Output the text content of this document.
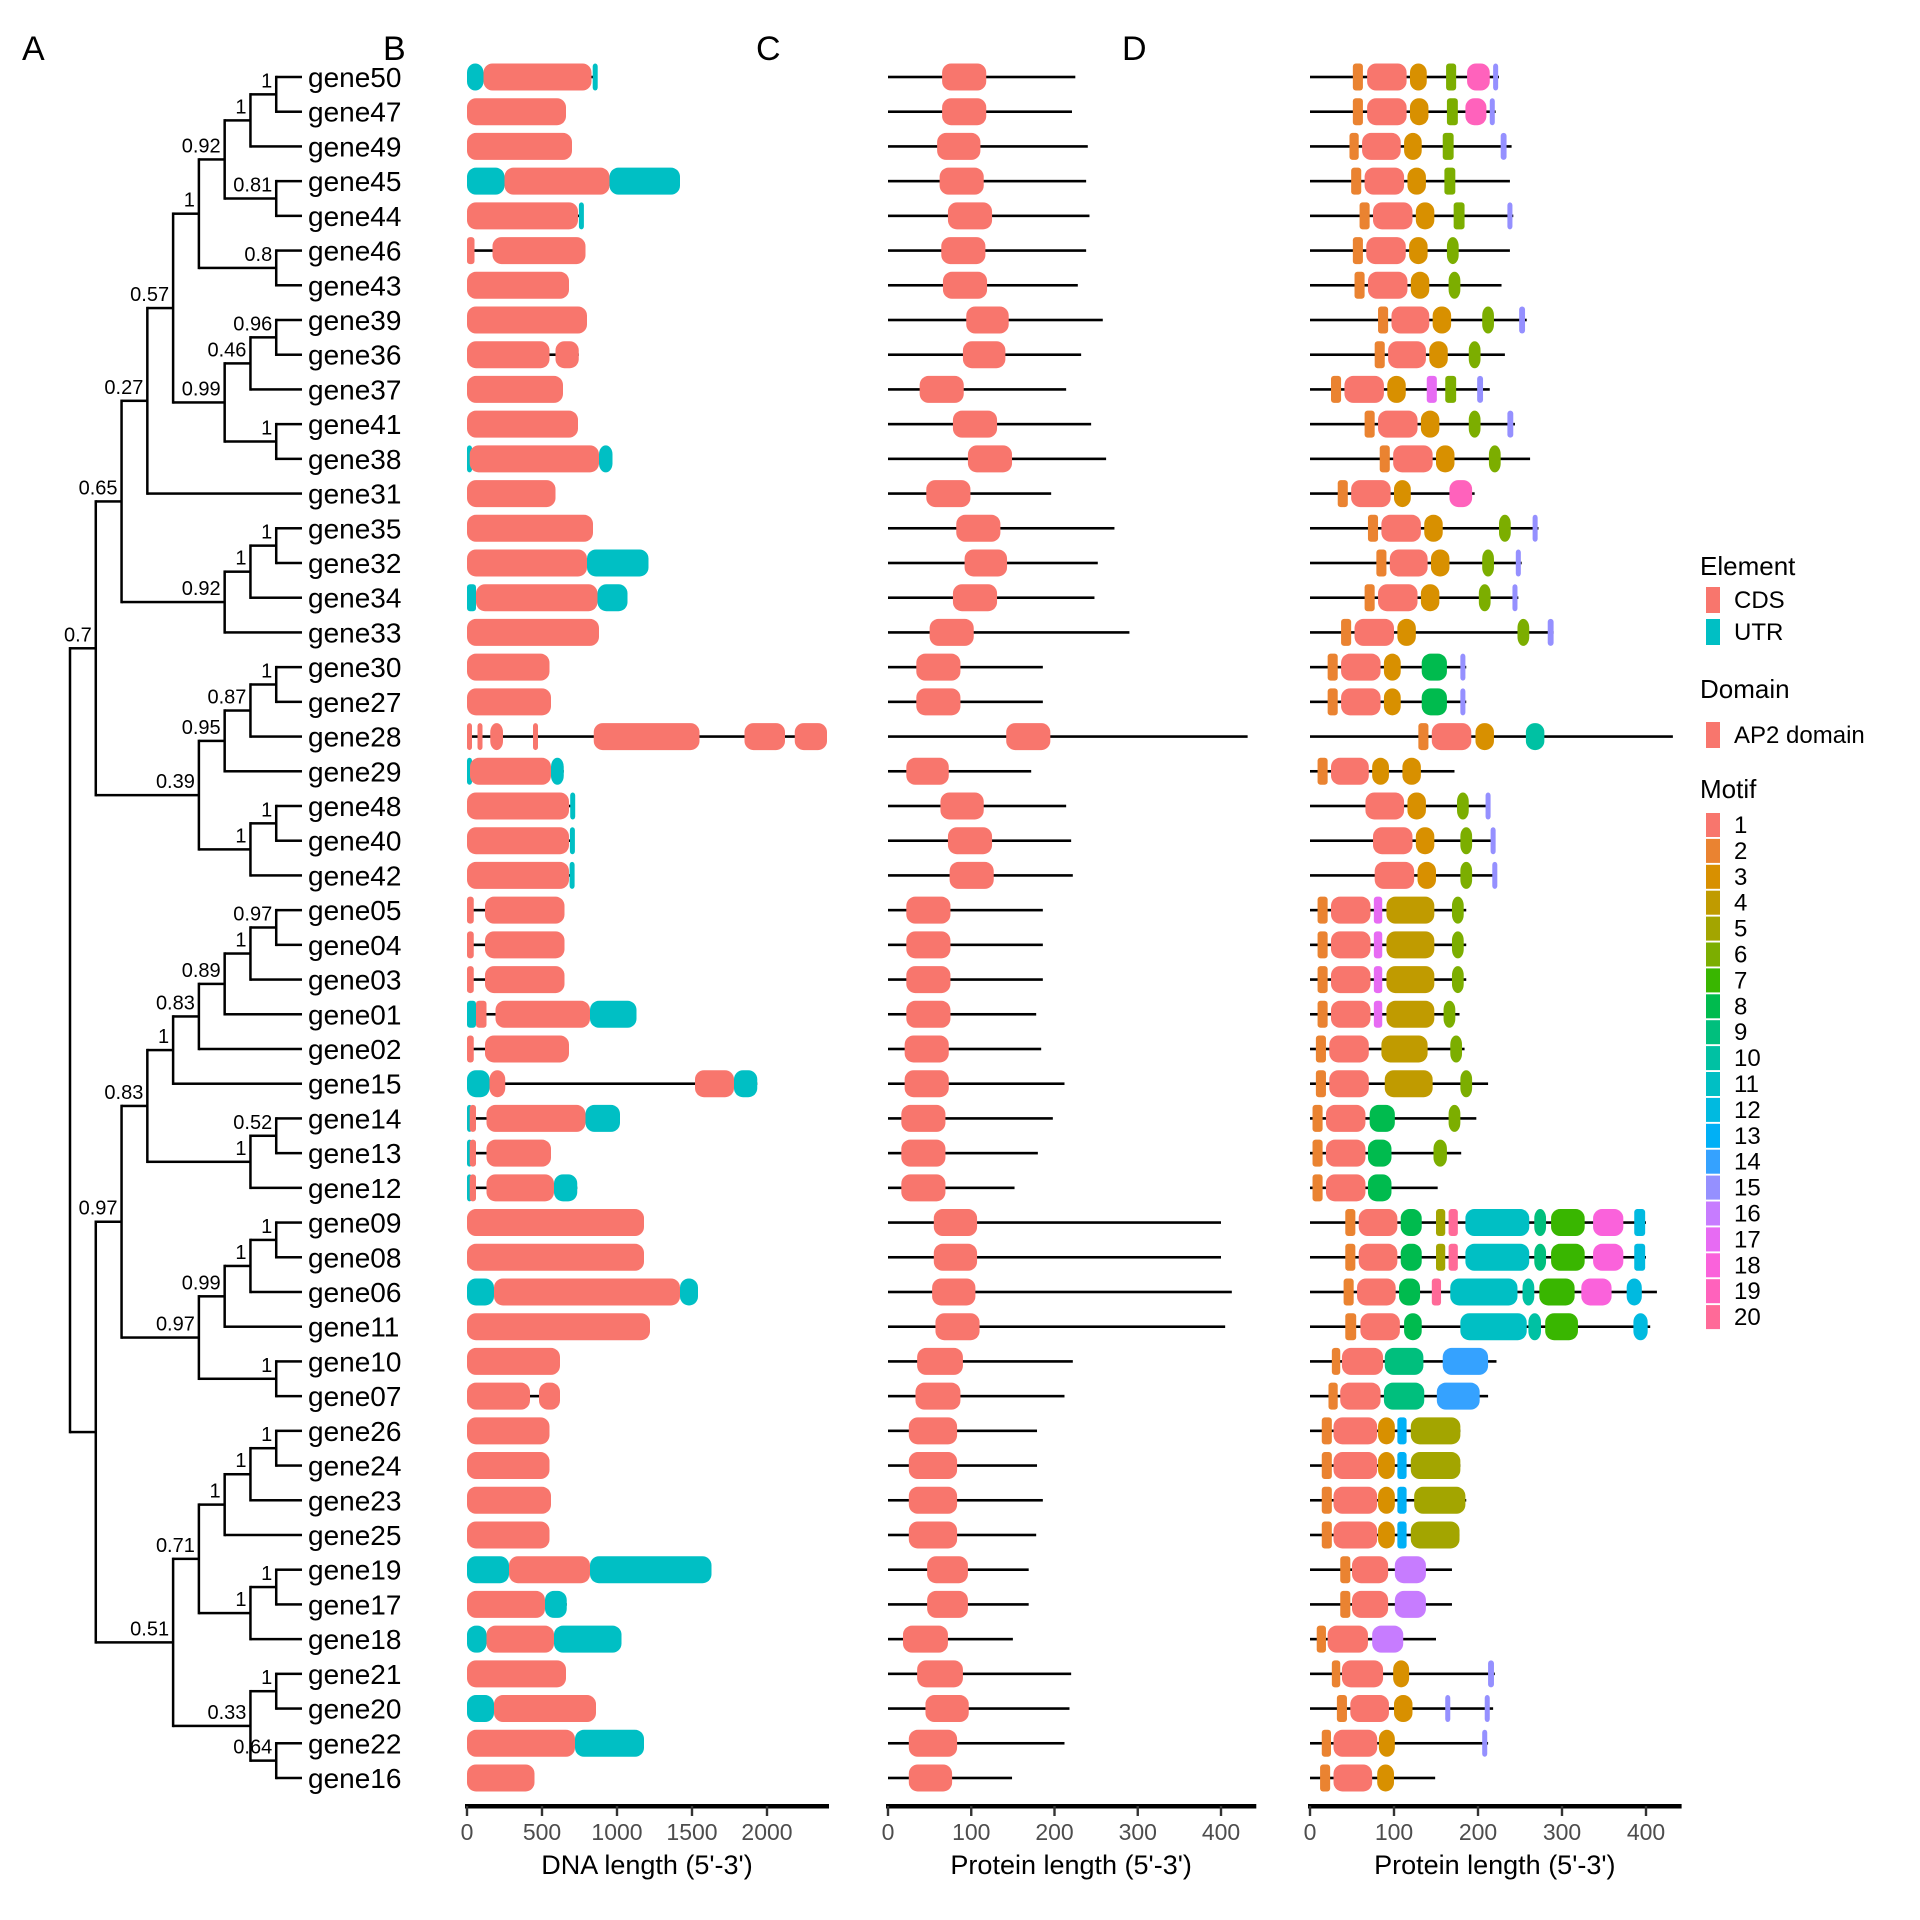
A	B	C	D
gene50
gene47
1
gene49
1
gene45
gene44
0.81
0.92
gene46
gene43
0.8
1
gene39
gene36
0.96
gene37
0.46
gene41
gene38
1
0.99
0.57
gene31
0.27
gene35
gene32
1
gene34
1
gene33
0.92
0.65
gene30
gene27
1
gene28
0.87
gene29
0.95
gene48
gene40
1
gene42
1
0.39
0.7
gene05
gene04
0.97
gene03
1
gene01
0.89
gene02
0.83
gene15
1
gene14
gene13
0.52
gene12
1
0.83
gene09
gene08
1
gene06
1
gene11
0.99
gene10
gene07
1
0.97
0.97
gene26
gene24
1
gene23
1
gene25
1
gene19
gene17
1
gene18
1
0.71
gene21
gene20
1
gene22
gene16
0.64
0.33
0.51
0 500 1000 1500 2000
DNA length (5'-3')
0	100 200 300 400
Protein length (5'-3')
0	100 200 300 400
Protein length (5'-3')
Element
CDS
UTR
Domain
AP2 domain
Motif
1
2
3
4
5
6
7
8
9
10
11
12
13
14
15
16
17
18
19
20
